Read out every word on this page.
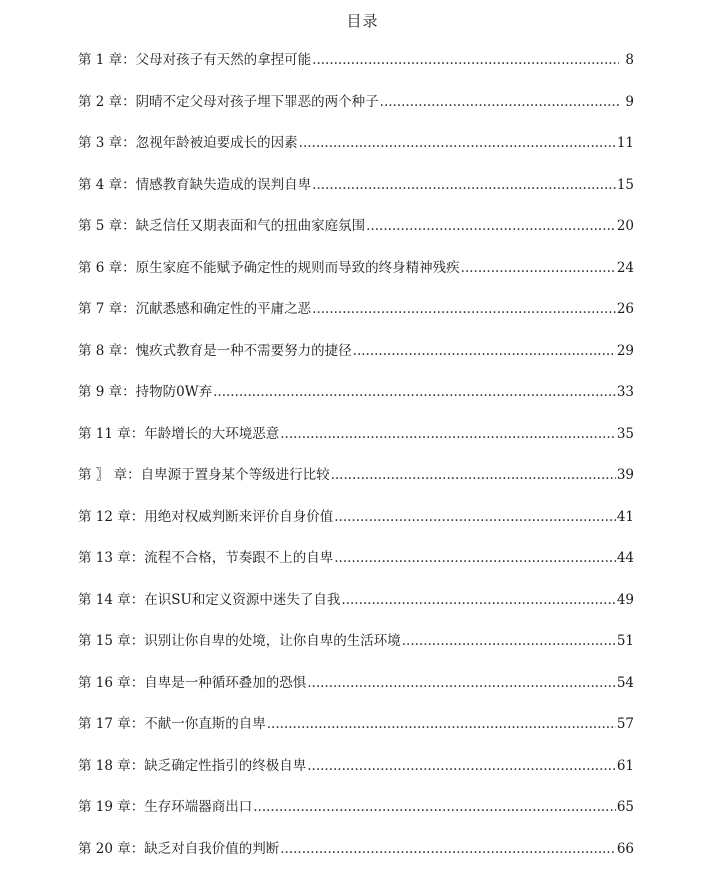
目录
第 1 章： 父母对孩子有天然的拿捏可能 .....	8
第 2 章： 阴晴不定父母对孩子埋下罪恶的两个种子 .....	9
第 3 章： 忽视年龄被迫要成长的因素 .....	11
第 4 章： 情感教育缺失造成的误判自卑 .....	15
第 5 章： 缺乏信任又期表面和气的扭曲家庭氛围 .....	20
第 6 章： 原生家庭不能赋予确定性的规则而导致的终身精神残疾 .....	24
第 7 章： 沉献悉感和确定性的平庸之恶 .....	26
第 8 章： 愧疚式教育是一种不需要努力的捷径 .....	29
第 9 章： 持物防0W弃 .....	33
第 11 章： 年龄增长的大环境恶意 .....	35
第 〗 章： 自卑源于置身某个等级进行比较 .....	39
第 12 章： 用绝对权威判断来评价自身价值 .....	41
第 13 章： 流程不合格，节奏跟不上的自卑 .....	44
第 14 章： 在识SU和定义资源中迷失了自我 .....	49
第 15 章： 识别让你自卑的处境，让你自卑的生活环境 .....	51
第 16 章： 自卑是一种循环叠加的恐惧 .....	54
第 17 章： 不献一你直斯的自卑 .....	57
第 18 章： 缺乏确定性指引的终极自卑 .....	61
第 19 章： 生存环端器商出口 .....	65
第 20 章： 缺乏对自我价值的判断 .....	66
